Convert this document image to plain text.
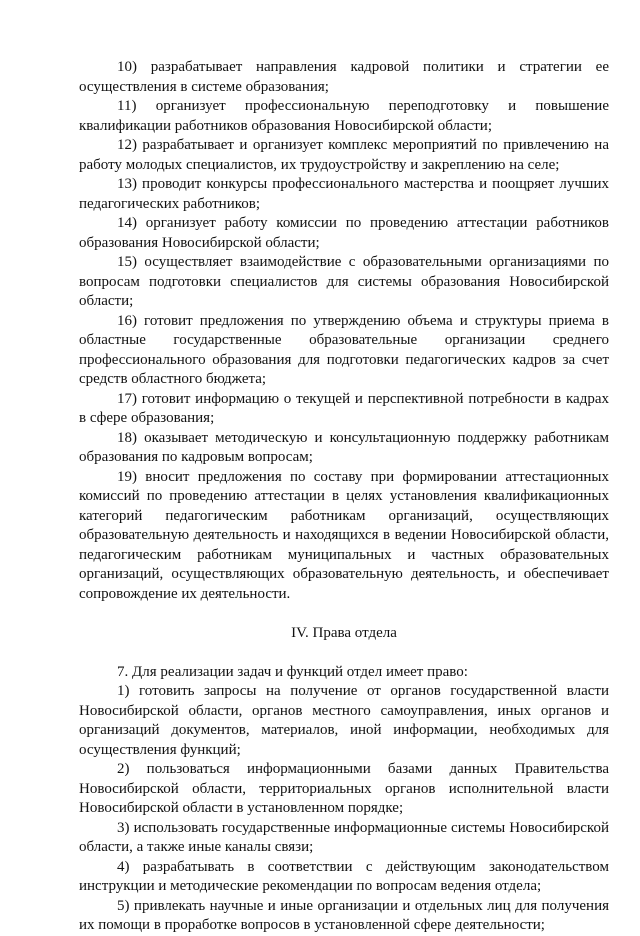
10) разрабатывает направления кадровой политики и стратегии ее осуществления в системе образования;

11) организует профессиональную переподготовку и повышение квалификации работников образования Новосибирской области;

12) разрабатывает и организует комплекс мероприятий по привлечению на работу молодых специалистов, их трудоустройству и закреплению на селе;

13) проводит конкурсы профессионального мастерства и поощряет лучших педагогических работников;

14) организует работу комиссии по проведению аттестации работников образования Новосибирской области;

15) осуществляет взаимодействие с образовательными организациями по вопросам подготовки специалистов для системы образования Новосибирской области;

16) готовит предложения по утверждению объема и структуры приема в областные государственные образовательные организации среднего профессионального образования для подготовки педагогических кадров за счет средств областного бюджета;

17) готовит информацию о текущей и перспективной потребности в кадрах в сфере образования;

18) оказывает методическую и консультационную поддержку работникам образования по кадровым вопросам;

19) вносит предложения по составу при формировании аттестационных комиссий по проведению аттестации в целях установления квалификационных категорий педагогическим работникам организаций, осуществляющих образовательную деятельность и находящихся в ведении Новосибирской области, педагогическим работникам муниципальных и частных образовательных организаций, осуществляющих образовательную деятельность, и обеспечивает сопровождение их деятельности.

IV. Права отдела

7. Для реализации задач и функций отдел имеет право:

1) готовить запросы на получение от органов государственной власти Новосибирской области, органов местного самоуправления, иных органов и организаций документов, материалов, иной информации, необходимых для осуществления функций;

2) пользоваться информационными базами данных Правительства Новосибирской области, территориальных органов исполнительной власти Новосибирской области в установленном порядке;

3) использовать государственные информационные системы Новосибирской области, а также иные каналы связи;

4) разрабатывать в соответствии с действующим законодательством инструкции и методические рекомендации по вопросам ведения отдела;

5) привлекать научные и иные организации и отдельных лиц для получения их помощи в проработке вопросов в установленной сфере деятельности;
